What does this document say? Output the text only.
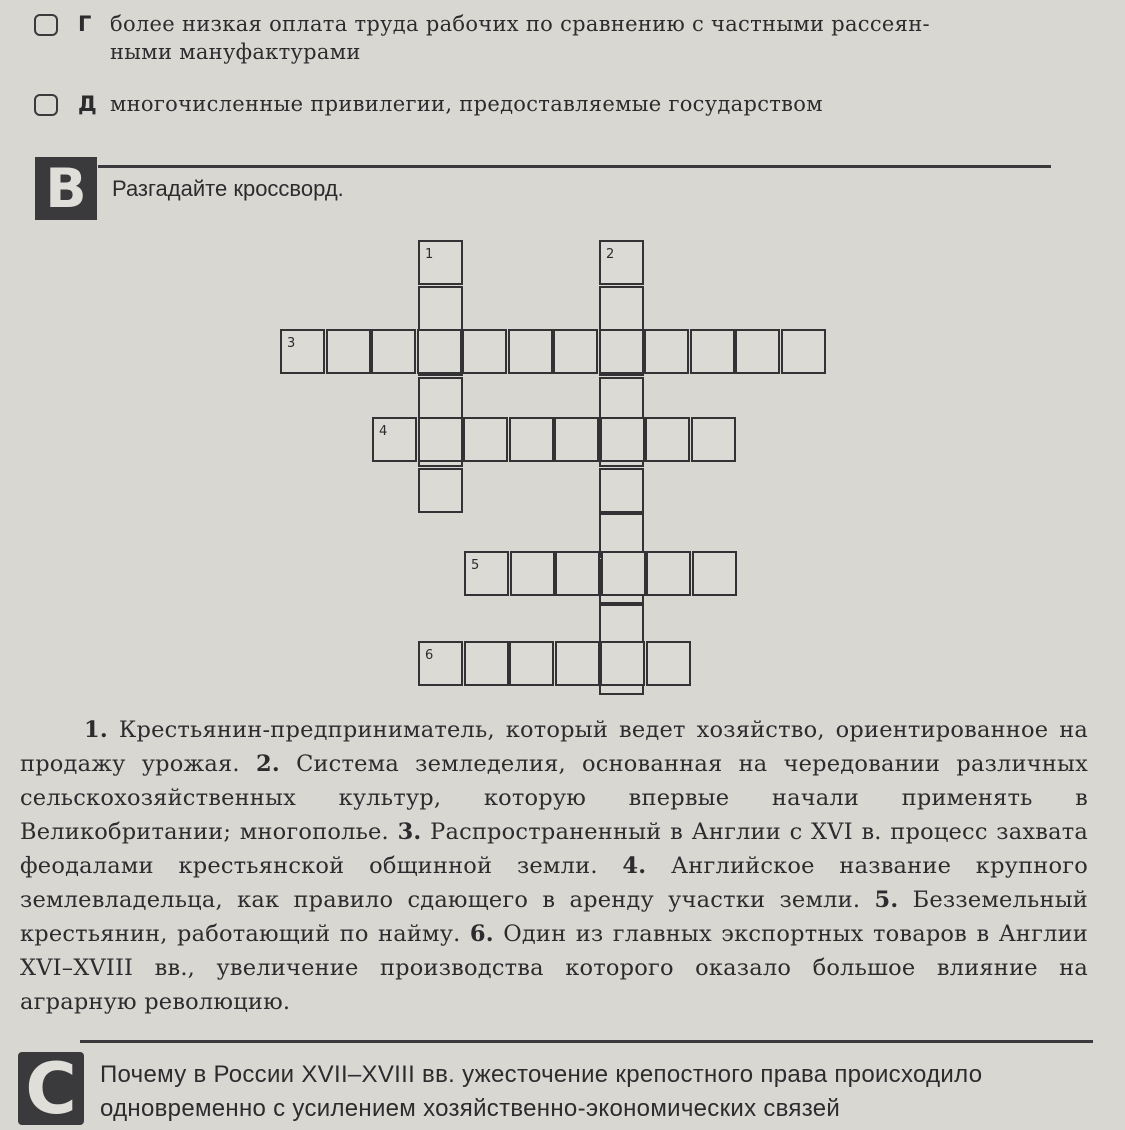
Г более низкая оплата труда рабочих по сравнению с частными рассеян-
ными мануфактурами
Д многочисленные привилегии, предоставляемые государством
B	Разгадайте кроссворд.
1	2
3
4
5
6

1. Крестьянин-предприниматель, который ведет хозяйство, ориентированное на продажу урожая. 2. Система земледелия, основанная на чередовании различных сельскохозяйственных культур, которую впервые начали применять в Великобритании; многополье. 3. Распространенный в Англии с XVI в. процесс захвата феодалами крестьянской общинной земли. 4. Английское название крупного землевладельца, как правило сдающего в аренду участки земли. 5. Безземельный крестьянин, работающий по найму. 6. Один из главных экспортных товаров в Англии XVI–XVIII вв., увеличение производства которого оказало большое влияние на аграрную революцию.

C Почему в России XVII–XVIII вв. ужесточение крепостного права происходило одновременно с усилением хозяйственно-экономических связей
